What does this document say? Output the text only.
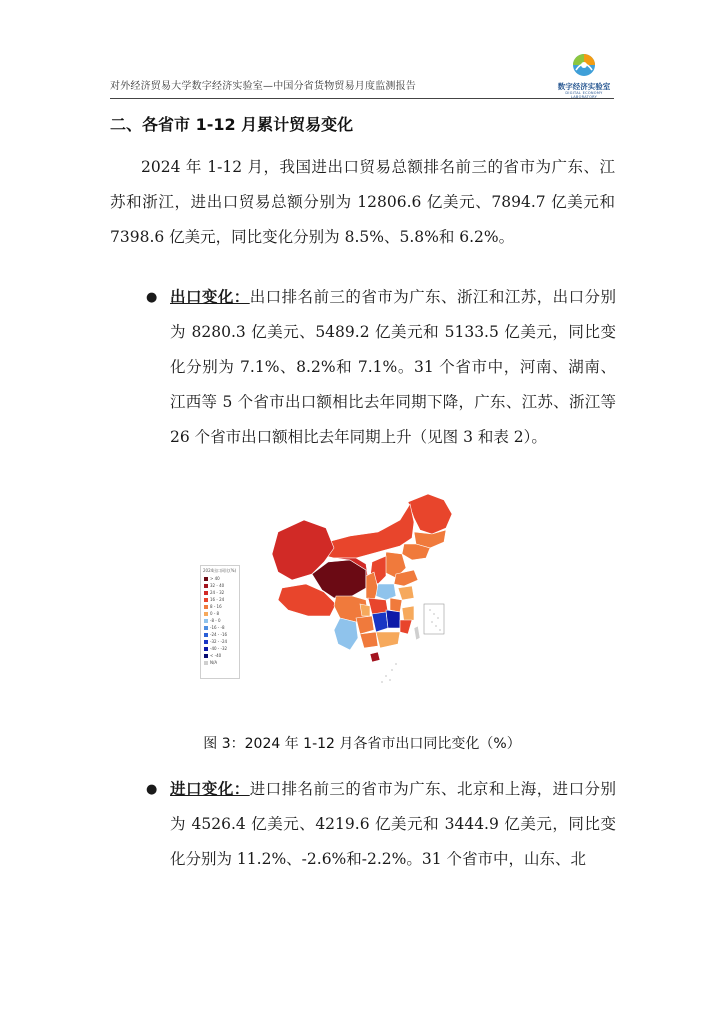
对外经济贸易大学数字经济实验室—中国分省货物贸易月度监测报告	数字经济实验室
DIGITAL ECONOMY LABORATORY
二、各省市 1-12 月累计贸易变化
2024 年 1-12 月，我国进出口贸易总额排名前三的省市为广东、江苏和浙江，进出口贸易总额分别为 12806.6 亿美元、7894.7 亿美元和 7398.6 亿美元，同比变化分别为 8.5%、5.8%和 6.2%。
● 出口变化：出口排名前三的省市为广东、浙江和江苏，出口分别为 8280.3 亿美元、5489.2 亿美元和 5133.5 亿美元，同比变化分别为 7.1%、8.2%和 7.1%。31 个省市中，河南、湖南、江西等 5 个省市出口额相比去年同期下降，广东、江苏、浙江等 26 个省市出口额相比去年同期上升（见图 3 和表 2）。
2024出口同比(%)
> 40
32 - 40
24 - 32
16 - 24
8 - 16
0 - 8
-8 - 0
-16 - -8
-24 - -16
-32 - -24
-40 - -32
< -40
N/A
图 3：2024 年 1-12 月各省市出口同比变化（%）
● 进口变化：进口排名前三的省市为广东、北京和上海，进口分别为 4526.4 亿美元、4219.6 亿美元和 3444.9 亿美元，同比变化分别为 11.2%、-2.6%和-2.2%。31 个省市中，山东、北
